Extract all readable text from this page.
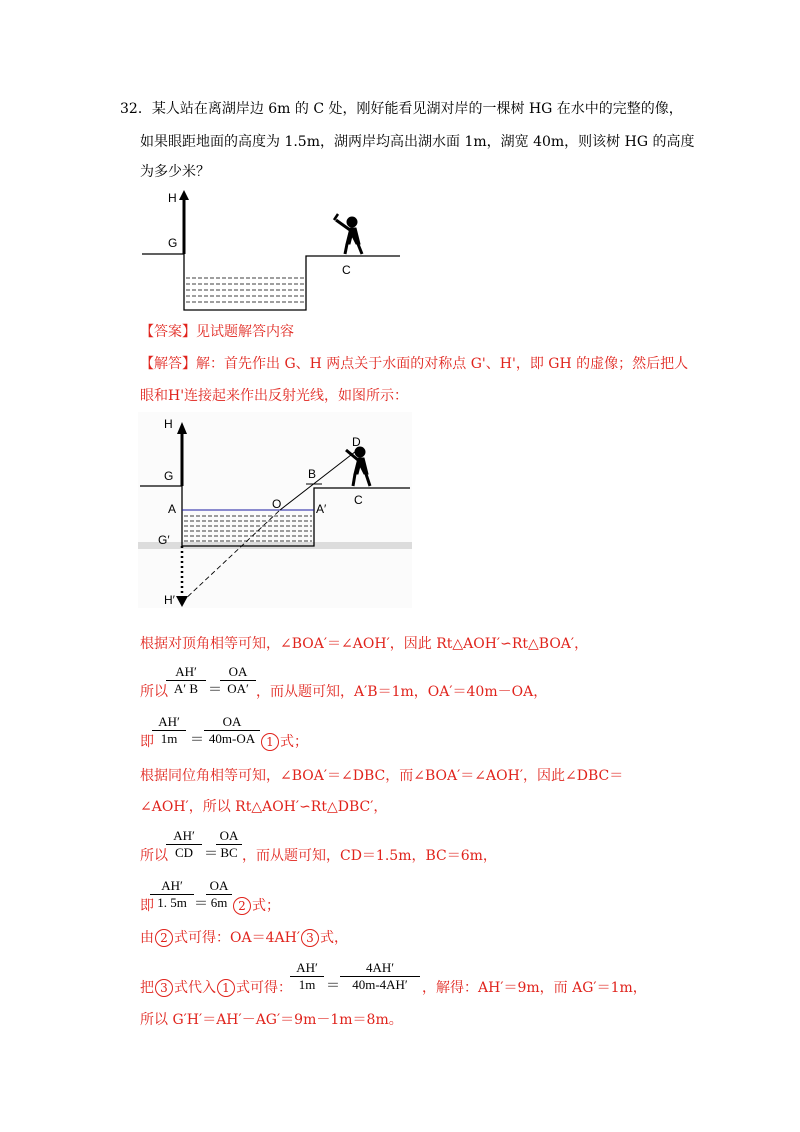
32．某人站在离湖岸边 6m 的 C 处，刚好能看见湖对岸的一棵树 HG 在水中的完整的像，
如果眼距地面的高度为 1.5m，湖两岸均高出湖水面 1m，湖宽 40m，则该树 HG 的高度
为多少米？
H
G
C
【答案】见试题解答内容
【解答】解：首先作出 G、H 两点关于水面的对称点 G'、H'，即 GH 的虚像；然后把人
眼和H'连接起来作出反射光线，如图所示：
H
G
A	O	A′
B
D
C
G′
H′
根据对顶角相等可知，∠BOA′＝∠AOH′，因此 Rt△AOH′∽Rt△BOA′，
$\frac{AH'}{A' B}$ ＝
$\frac{OA}{OA'}$
所以	，而从题可知，A′B＝1m，OA′＝40m－OA，
$\frac{AH'}{1m} = \frac{OA}{40m-OA}$
即	1 式；
根据同位角相等可知，∠BOA′＝∠DBC，而∠BOA′＝∠AOH′，因此∠DBC＝
∠AOH′，所以 Rt△AOH′∽Rt△DBC′，
$\frac{AH'}{CD}$ ＝
$\frac{OA}{BC}$
所以	，而从题可知，CD＝1.5m，BC＝6m，
$\frac{AH'}{1. 5m}$ ＝
$\frac{OA}{6m}$
即	2 式；
由 2 式可得：OA＝4AH′ 3 式，
$\frac{AH'}{1m} = \frac{4AH'}{40m-4AH'}$
把 3 式代入 1 式可得：	，解得：AH′＝9m，而 AG′＝1m，
所以 G′H′＝AH′－AG′＝9m－1m＝8m。
